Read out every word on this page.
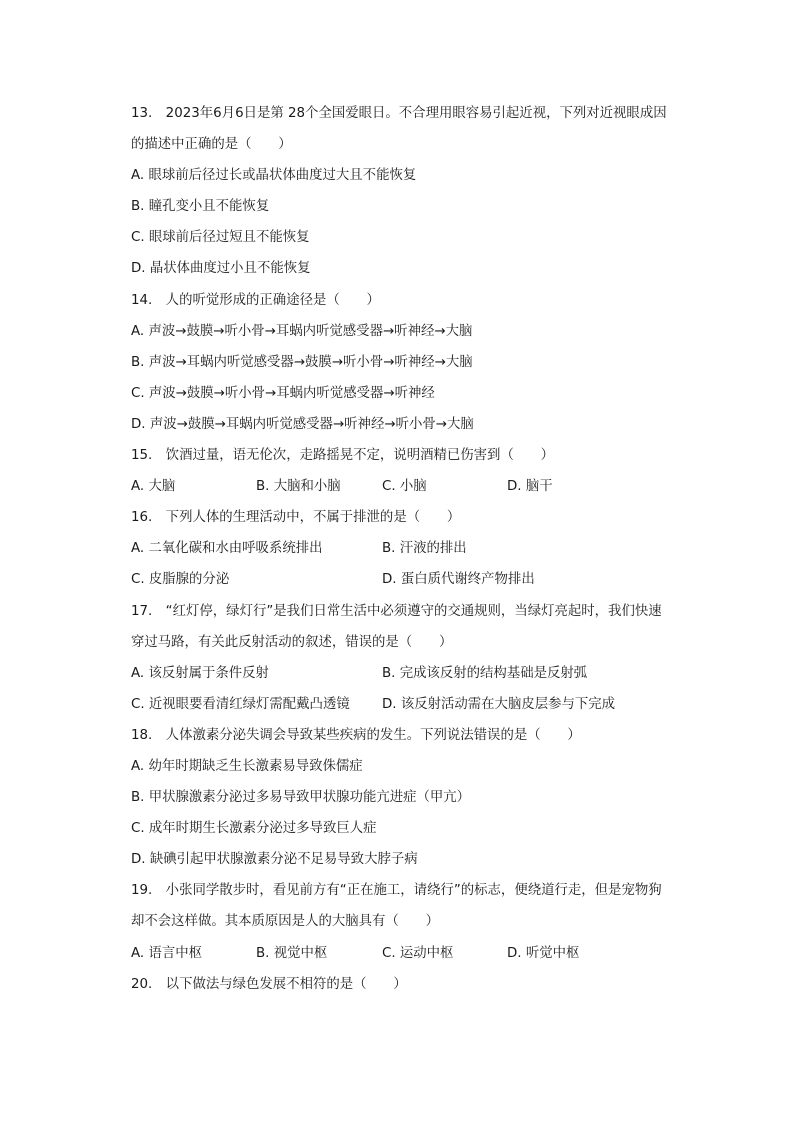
13.　2023年6月6日是第 28个全国爱眼日。不合理用眼容易引起近视，下列对近视眼成因
的描述中正确的是（　　）
A. 眼球前后径过长或晶状体曲度过大且不能恢复
B. 瞳孔变小且不能恢复
C. 眼球前后径过短且不能恢复
D. 晶状体曲度过小且不能恢复
14.　人的听觉形成的正确途径是（　　）
A. 声波→鼓膜→听小骨→耳蜗内听觉感受器→听神经→大脑
B. 声波→耳蜗内听觉感受器→鼓膜→听小骨→听神经→大脑
C. 声波→鼓膜→听小骨→耳蜗内听觉感受器→听神经
D. 声波→鼓膜→耳蜗内听觉感受器→听神经→听小骨→大脑
15.　饮酒过量，语无伦次，走路摇晃不定，说明酒精已伤害到（　　）
A. 大脑	B. 大脑和小脑	C. 小脑	D. 脑干
16.　下列人体的生理活动中，不属于排泄的是（　　）
A. 二氧化碳和水由呼吸系统排出	B. 汗液的排出
C. 皮脂腺的分泌	D. 蛋白质代谢终产物排出
17.　“红灯停，绿灯行”是我们日常生活中必须遵守的交通规则，当绿灯亮起时，我们快速
穿过马路，有关此反射活动的叙述，错误的是（　　）
A. 该反射属于条件反射	B. 完成该反射的结构基础是反射弧
C. 近视眼要看清红绿灯需配戴凸透镜 D. 该反射活动需在大脑皮层参与下完成
18.　人体激素分泌失调会导致某些疾病的发生。下列说法错误的是（　　）
A. 幼年时期缺乏生长激素易导致侏儒症
B. 甲状腺激素分泌过多易导致甲状腺功能亢进症（甲亢）
C. 成年时期生长激素分泌过多导致巨人症
D. 缺碘引起甲状腺激素分泌不足易导致大脖子病
19.　小张同学散步时，看见前方有“正在施工，请绕行”的标志，便绕道行走，但是宠物狗
却不会这样做。其本质原因是人的大脑具有（　　）
A. 语言中枢	B. 视觉中枢	C. 运动中枢	D. 听觉中枢
20.　以下做法与绿色发展不相符的是（　　）
